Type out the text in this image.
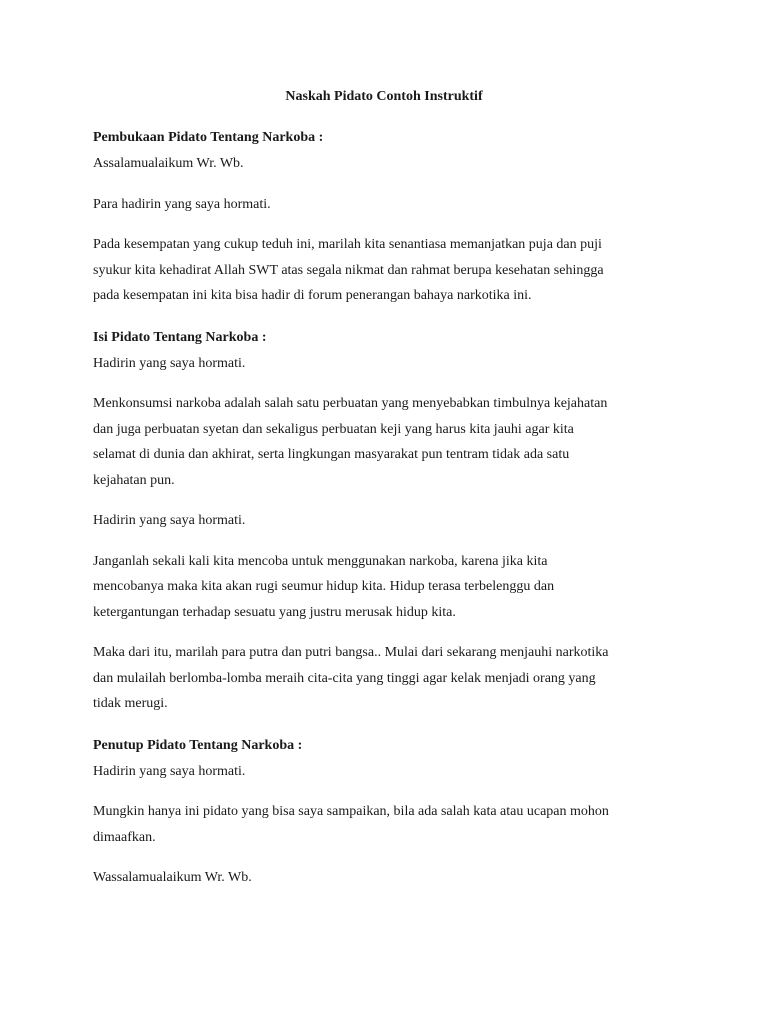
Naskah Pidato Contoh Instruktif

Pembukaan Pidato Tentang Narkoba :

Assalamualaikum Wr. Wb.

Para hadirin yang saya hormati.

Pada kesempatan yang cukup teduh ini, marilah kita senantiasa memanjatkan puja dan puji
syukur kita kehadirat Allah SWT atas segala nikmat dan rahmat berupa kesehatan sehingga
pada kesempatan ini kita bisa hadir di forum penerangan bahaya narkotika ini.

Isi Pidato Tentang Narkoba :

Hadirin yang saya hormati.

Menkonsumsi narkoba adalah salah satu perbuatan yang menyebabkan timbulnya kejahatan
dan juga perbuatan syetan dan sekaligus perbuatan keji yang harus kita jauhi agar kita
selamat di dunia dan akhirat, serta lingkungan masyarakat pun tentram tidak ada satu
kejahatan pun.

Hadirin yang saya hormati.

Janganlah sekali kali kita mencoba untuk menggunakan narkoba, karena jika kita
mencobanya maka kita akan rugi seumur hidup kita. Hidup terasa terbelenggu dan
ketergantungan terhadap sesuatu yang justru merusak hidup kita.

Maka dari itu, marilah para putra dan putri bangsa.. Mulai dari sekarang menjauhi narkotika
dan mulailah berlomba-lomba meraih cita-cita yang tinggi agar kelak menjadi orang yang
tidak merugi.

Penutup Pidato Tentang Narkoba :

Hadirin yang saya hormati.

Mungkin hanya ini pidato yang bisa saya sampaikan, bila ada salah kata atau ucapan mohon
dimaafkan.

Wassalamualaikum Wr. Wb.
